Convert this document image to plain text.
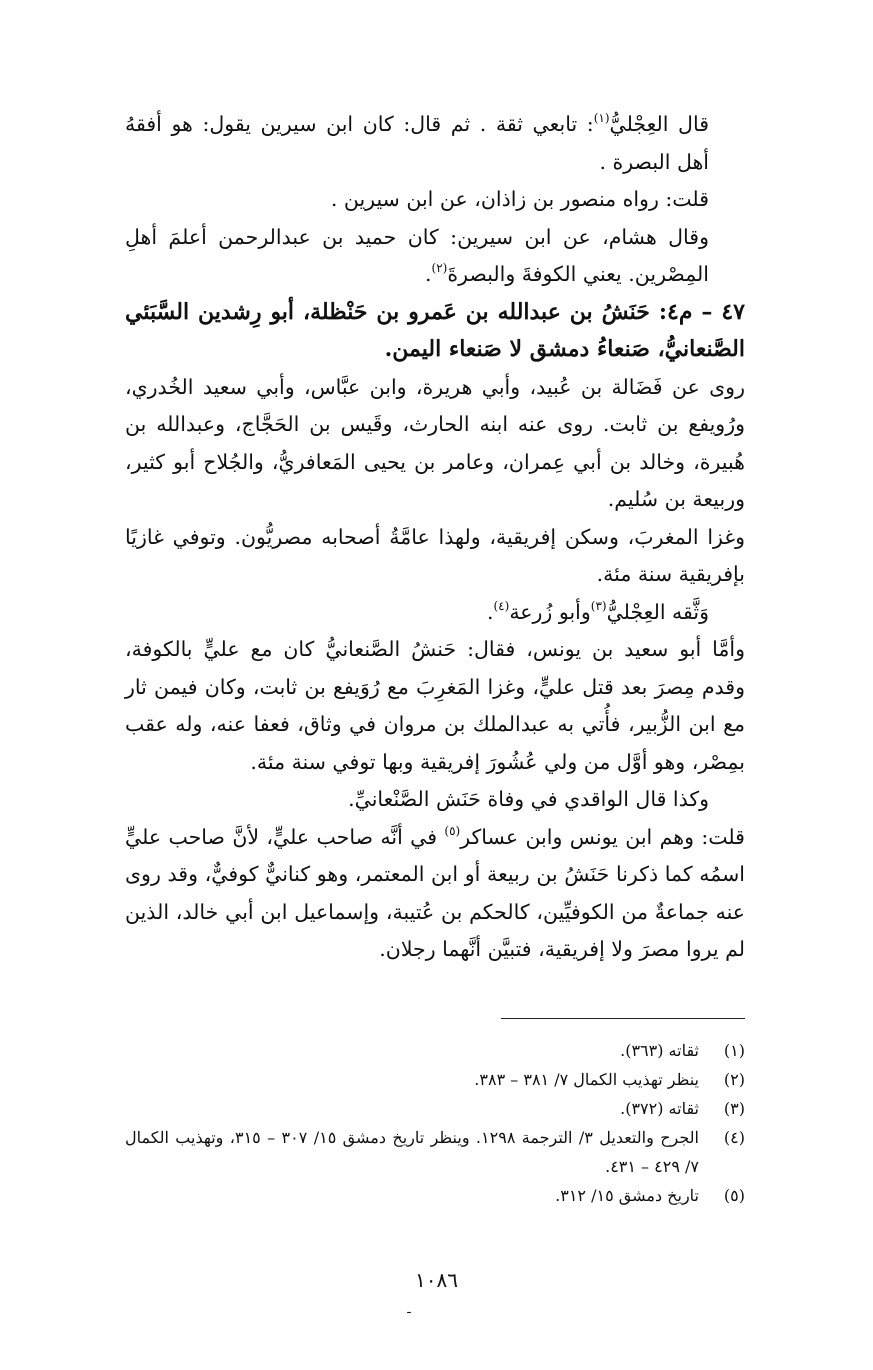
قال العِجْليُّ$^{(١)}$: تابعي ثقة . ثم قال: كان ابن سيرين يقول: هو أفقهُ أهل البصرة .

قلت: رواه منصور بن زاذان، عن ابن سيرين .

وقال هشام، عن ابن سيرين: كان حميد بن عبدالرحمن أعلمَ أهلِ المِصْرين. يعني الكوفةَ والبصرةَ$^{(٢)}$.

٤٧ – م٤: حَنَشُ بن عبدالله بن عَمرو بن حَنْظلة، أبو رِشدين السَّبَئي الصَّنعانيُّ، صَنعاءُ دمشق لا صَنعاء اليمن.

روى عن فَضَالة بن عُبيد، وأبي هريرة، وابن عبَّاس، وأبي سعيد الخُدري، ورُويفع بن ثابت. روى عنه ابنه الحارث، وقَيس بن الحَجَّاج، وعبدالله بن هُبيرة، وخالد بن أبي عِمران، وعامر بن يحيى المَعافريُّ، والجُلاح أبو كثير، وربيعة بن سُليم.

وغزا المغربَ، وسكن إفريقية، ولهذا عامَّةُ أصحابه مصريُّون. وتوفي غازيًا بإفريقية سنة مئة.

وَثَّقه العِجْليُّ$^{(٣)}$وأبو زُرعة$^{(٤)}$.

وأمَّا أبو سعيد بن يونس، فقال: حَنشُ الصَّنعانيُّ كان مع عليٍّ بالكوفة، وقدم مِصرَ بعد قتل عليٍّ، وغزا المَغرِبَ مع رُوَيفع بن ثابت، وكان فيمن ثار مع ابن الزُّبير، فأُتي به عبدالملك بن مروان في وثاق، فعفا عنه، وله عقب بمِصْر، وهو أوَّل من ولي عُشُورَ إفريقية وبها توفي سنة مئة.

وكذا قال الواقدي في وفاة حَنَش الصَّنْعانيِّ.

قلت: وهم ابن يونس وابن عساكر$^{(٥)}$ في أنَّه صاحب عليٍّ، لأنَّ صاحب عليٍّ اسمُه كما ذكرنا حَنَشُ بن ربيعة أو ابن المعتمر، وهو كنانيٌّ كوفيٌّ، وقد روى عنه جماعةٌ من الكوفيِّين، كالحكم بن عُتيبة، وإسماعيل ابن أبي خالد، الذين لم يروا مصرَ ولا إفريقية، فتبيَّن أنَّهما رجلان.

(١)
ثقاته (٣٦٣).
(٢)
ينظر تهذيب الكمال ٧/ ٣٨١ – ٣٨٣.
(٣)
ثقاته (٣٧٢).
(٤)
الجرح والتعديل ٣/ الترجمة ١٢٩٨. وينظر تاريخ دمشق ١٥/ ٣٠٧ – ٣١٥، وتهذيب الكمال ٧/ ٤٢٩ – ٤٣١.
(٥)
تاريخ دمشق ١٥/ ٣١٢.
١٠٨٦
ـ
